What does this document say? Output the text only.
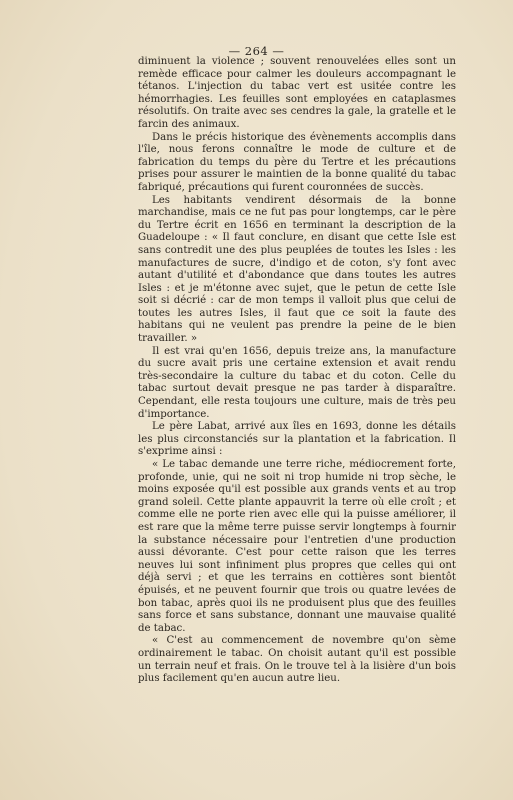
— 264 —

diminuent la violence ; souvent renouvelées elles sont un remède efficace pour calmer les douleurs accompagnant le tétanos. L'injection du tabac vert est usitée contre les hémorrhagies. Les feuilles sont employées en cataplasmes résolutifs. On traite avec ses cendres la gale, la gratelle et le farcin des animaux.

Dans le précis historique des évènements accomplis dans l'île, nous ferons connaître le mode de culture et de fabrication du temps du père du Tertre et les précautions prises pour assurer le maintien de la bonne qualité du tabac fabriqué, précautions qui furent couronnées de succès.

Les habitants vendirent désormais de la bonne marchandise, mais ce ne fut pas pour longtemps, car le père du Tertre écrit en 1656 en terminant la description de la Guadeloupe : « Il faut conclure, en disant que cette Isle est sans contredit une des plus peuplées de toutes les Isles : les manufactures de sucre, d'indigo et de coton, s'y font avec autant d'utilité et d'abondance que dans toutes les autres Isles : et je m'étonne avec sujet, que le petun de cette Isle soit si décrié : car de mon temps il valloit plus que celui de toutes les autres Isles, il faut que ce soit la faute des habitans qui ne veulent pas prendre la peine de le bien travailler. »

Il est vrai qu'en 1656, depuis treize ans, la manufacture du sucre avait pris une certaine extension et avait rendu très-secondaire la culture du tabac et du coton. Celle du tabac surtout devait presque ne pas tarder à disparaître. Cependant, elle resta toujours une culture, mais de très peu d'importance.

Le père Labat, arrivé aux îles en 1693, donne les détails les plus circonstanciés sur la plantation et la fabrication. Il s'exprime ainsi :

« Le tabac demande une terre riche, médiocrement forte, profonde, unie, qui ne soit ni trop humide ni trop sèche, le moins exposée qu'il est possible aux grands vents et au trop grand soleil. Cette plante appauvrit la terre où elle croît ; et comme elle ne porte rien avec elle qui la puisse améliorer, il est rare que la même terre puisse servir longtemps à fournir la substance nécessaire pour l'entretien d'une production aussi dévorante. C'est pour cette raison que les terres neuves lui sont infiniment plus propres que celles qui ont déjà servi ; et que les terrains en cottières sont bientôt épuisés, et ne peuvent fournir que trois ou quatre levées de bon tabac, après quoi ils ne produisent plus que des feuilles sans force et sans substance, donnant une mauvaise qualité de tabac.

« C'est au commencement de novembre qu'on sème ordinairement le tabac. On choisit autant qu'il est possible un terrain neuf et frais. On le trouve tel à la lisière d'un bois plus facilement qu'en aucun autre lieu.
